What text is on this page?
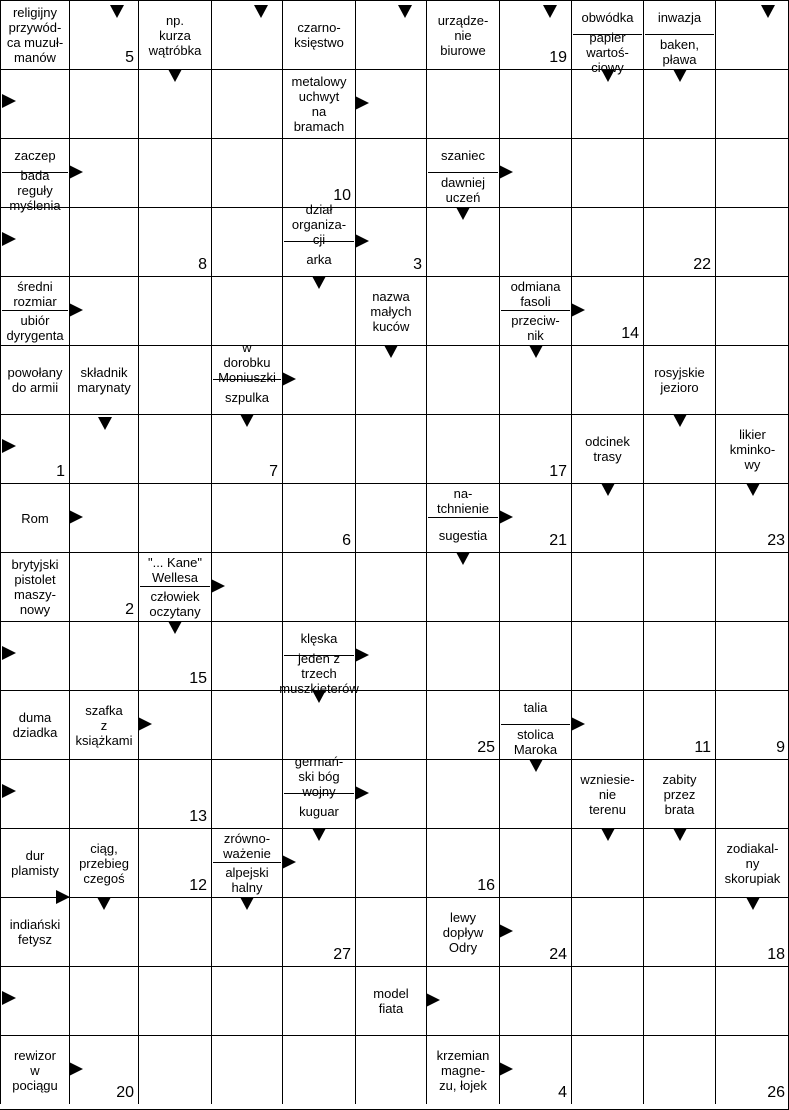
religijny
przywód-
ca muzuł-
manów	5
np.
kurza
wątróbka
czarno-
księstwo
urządze-
nie
biurowe	19
obwódka
papier
wartoś-
ciowy
inwazja
baken,
pława
metalowy
uchwyt
na
bramach
zaczep
bada
reguły
myślenia
10
szaniec
dawniej
uczeń
8
dział
organiza-
cji
arka	3	22
średni
rozmiar
ubiór
dyrygenta
nazwa
małych
kuców
odmiana
fasoli
przeciw-
nik	14
powołany
do armii
składnik
marynaty
w
dorobku
Moniuszki
szpulka
rosyjskie
jezioro
1	7	17
odcinek
trasy
likier
kminko-
wy
Rom
6
na-
tchnienie
sugestia	21	23
brytyjski
pistolet
maszy-
nowy	2
"... Kane"
Wellesa
człowiek
oczytany
15
klęska
jeden z trzech
muszkieterów
duma
dziadka
szafka
z
książkami	25
talia
stolica
Maroka	11	9
13
germań-
ski bóg
wojny
kuguar
wzniesie-
nie
terenu
zabity
przez
brata
dur
plamisty
ciąg,
przebieg
czegoś	12
zrówno-
ważenie
alpejski
halny	16
zodiakal-
ny
skorupiak
indiański
fetysz
27
lewy
dopływ
Odry	24	18
model
fiata
rewizor
w
pociągu	20
krzemian
magne-
zu, łojek	4	26
